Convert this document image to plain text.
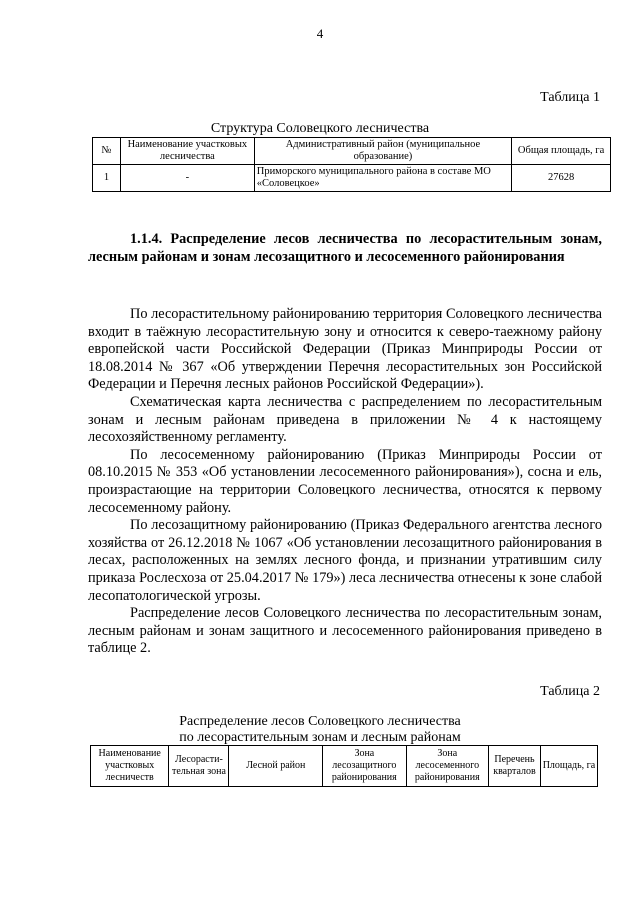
4
Таблица 1
Структура Соловецкого лесничества
№	Наименование участковых лесничества	Административный район (муниципальное образование)	Общая площадь, га
1	-	Приморского муниципального района в составе МО «Соловецкое»	27628
1.1.4. Распределение лесов лесничества по лесорастительным зонам, лесным районам и зонам лесозащитного и лесосеменного районирования

По лесорастительному районированию территория Соловецкого лесничества входит в таёжную лесорастительную зону и относится к северо-таежному району европейской части Российской Федерации (Приказ Минприроды России от 18.08.2014 № 367 «Об утверждении Перечня лесорастительных зон Российской Федерации и Перечня лесных районов Российской Федерации»).

Схематическая карта лесничества с распределением по лесорастительным зонам и лесным районам приведена в приложении № 4 к настоящему лесохозяйственному регламенту.

По лесосеменному районированию (Приказ Минприроды России от 08.10.2015 № 353 «Об установлении лесосеменного районирования»), сосна и ель, произрастающие на территории Соловецкого лесничества, относятся к первому лесосеменному району.

По лесозащитному районированию (Приказ Федерального агентства лесного хозяйства от 26.12.2018 № 1067 «Об установлении лесозащитного районирования в лесах, расположенных на землях лесного фонда, и признании утратившим силу приказа Рослесхоза от 25.04.2017 № 179») леса лесничества отнесены к зоне слабой лесопатологической угрозы.

Распределение лесов Соловецкого лесничества по лесорастительным зонам, лесным районам и зонам защитного и лесосеменного районирования приведено в таблице 2.

Таблица 2
Распределение лесов Соловецкого лесничества
по лесорастительным зонам и лесным районам
Наименование участковых лесничеств	Лесорасти-тельная зона	Лесной район	Зона лесозащитного районирования	Зона лесосеменного районирования	Перечень кварталов	Площадь, га
